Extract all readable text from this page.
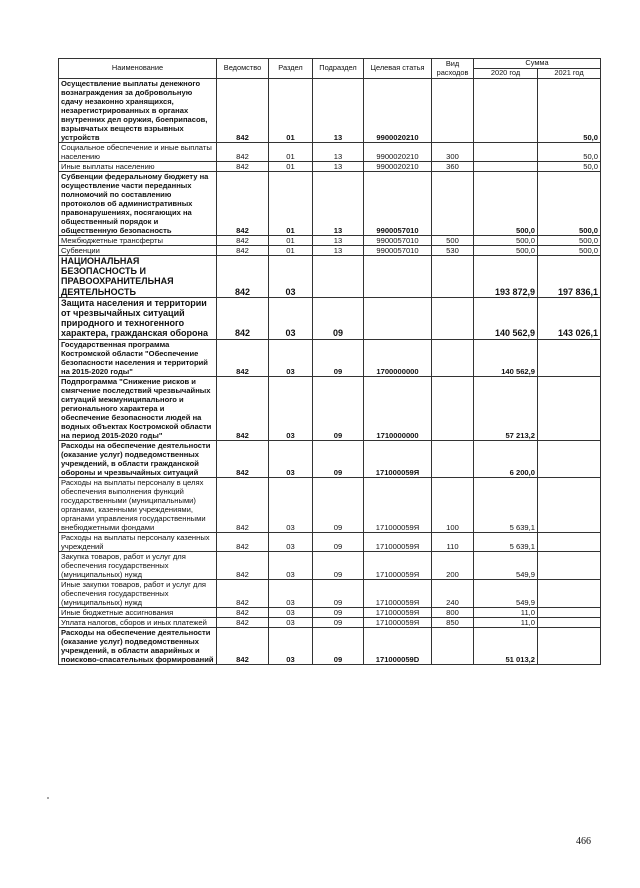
Наименование	Ведомство	Раздел	Подраздел	Целевая статья	Вид расходов	Сумма	
						2020 год	2021 год
Осуществление выплаты денежного вознаграждения за добровольную сдачу незаконно хранящихся, незарегистрированных в органах внутренних дел оружия, боеприпасов, взрывчатых веществ взрывных устройств	842	01	13	9900020210			50,0
Социальное обеспечение и иные выплаты населению	842	01	13	9900020210	300		50,0
Иные выплаты населению	842	01	13	9900020210	360		50,0
Субвенции федеральному бюджету на осуществление части переданных полномочий по составлению протоколов об административных правонарушениях, посягающих на общественный порядок и общественную безопасность	842	01	13	9900057010		500,0	500,0
Межбюджетные трансферты	842	01	13	9900057010	500	500,0	500,0
Субвенции	842	01	13	9900057010	530	500,0	500,0
НАЦИОНАЛЬНАЯ БЕЗОПАСНОСТЬ И ПРАВООХРАНИТЕЛЬНАЯ ДЕЯТЕЛЬНОСТЬ	842	03				193 872,9	197 836,1
Защита населения и территории от чрезвычайных ситуаций природного и техногенного характера, гражданская оборона	842	03	09			140 562,9	143 026,1
Государственная программа Костромской области "Обеспечение безопасности населения и территорий на 2015-2020 годы"	842	03	09	1700000000		140 562,9	
Подпрограмма "Снижение рисков и смягчение последствий чрезвычайных ситуаций межмуниципального и регионального характера и обеспечение безопасности людей на водных объектах Костромской области на период 2015-2020 годы"	842	03	09	1710000000		57 213,2	
Расходы на обеспечение деятельности (оказание услуг) подведомственных учреждений, в области гражданской обороны и чрезвычайных ситуаций	842	03	09	171000059Я		6 200,0	
Расходы на выплаты персоналу в целях обеспечения выполнения функций государственными (муниципальными) органами, казенными учреждениями, органами управления государственными внебюджетными фондами	842	03	09	171000059Я	100	5 639,1	
Расходы на выплаты персоналу казенных учреждений	842	03	09	171000059Я	110	5 639,1	
Закупка товаров, работ и услуг для обеспечения государственных (муниципальных) нужд	842	03	09	171000059Я	200	549,9	
Иные закупки товаров, работ и услуг для обеспечения государственных (муниципальных) нужд	842	03	09	171000059Я	240	549,9	
Иные бюджетные ассигнования	842	03	09	171000059Я	800	11,0	
Уплата налогов, сборов и иных платежей	842	03	09	171000059Я	850	11,0	
Расходы на обеспечение деятельности (оказание услуг) подведомственных учреждений, в области аварийных и поисково-спасательных формирований	842	03	09	171000059D		51 013,2	
466
